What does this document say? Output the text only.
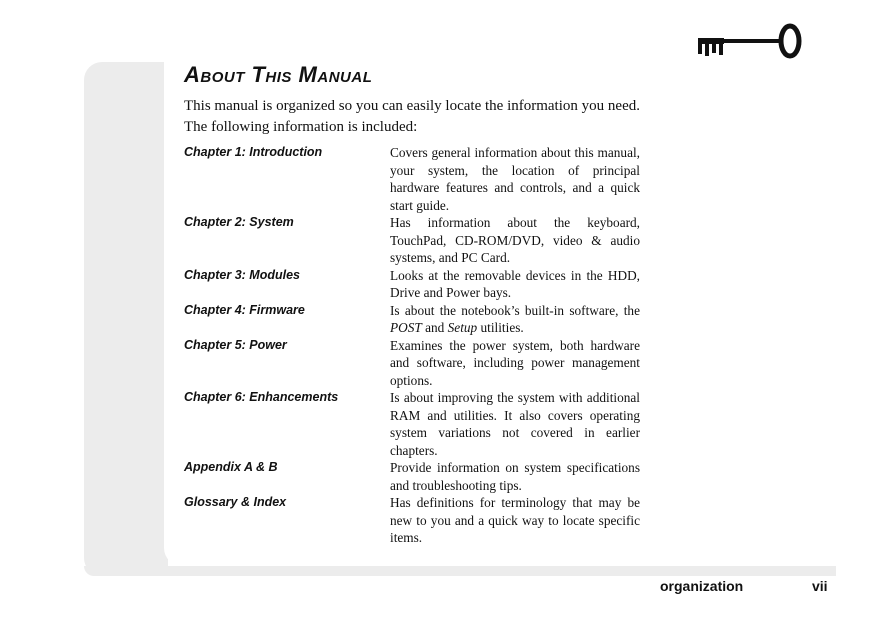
About This Manual

This manual is organized so you can easily locate the information you need. The following information is included:

Chapter 1: Introduction	Covers general information about this manual, your system, the location of principal hardware features and controls, and a quick start guide.
Chapter 2: System	Has information about the keyboard, TouchPad, CD-ROM/DVD, video & audio systems, and PC Card.
Chapter 3: Modules	Looks at the removable devices in the HDD, Drive and Power bays.
Chapter 4: Firmware	Is about the notebook’s built-in software, the POST and Setup utilities.
Chapter 5: Power	Examines the power system, both hardware and software, including power management options.
Chapter 6: Enhancements	Is about improving the system with additional RAM and utilities. It also covers operating system variations not covered in earlier chapters.
Appendix A & B	Provide information on system specifications and troubleshooting tips.
Glossary & Index	Has definitions for terminology that may be new to you and a quick way to locate specific items.
organization	vii
